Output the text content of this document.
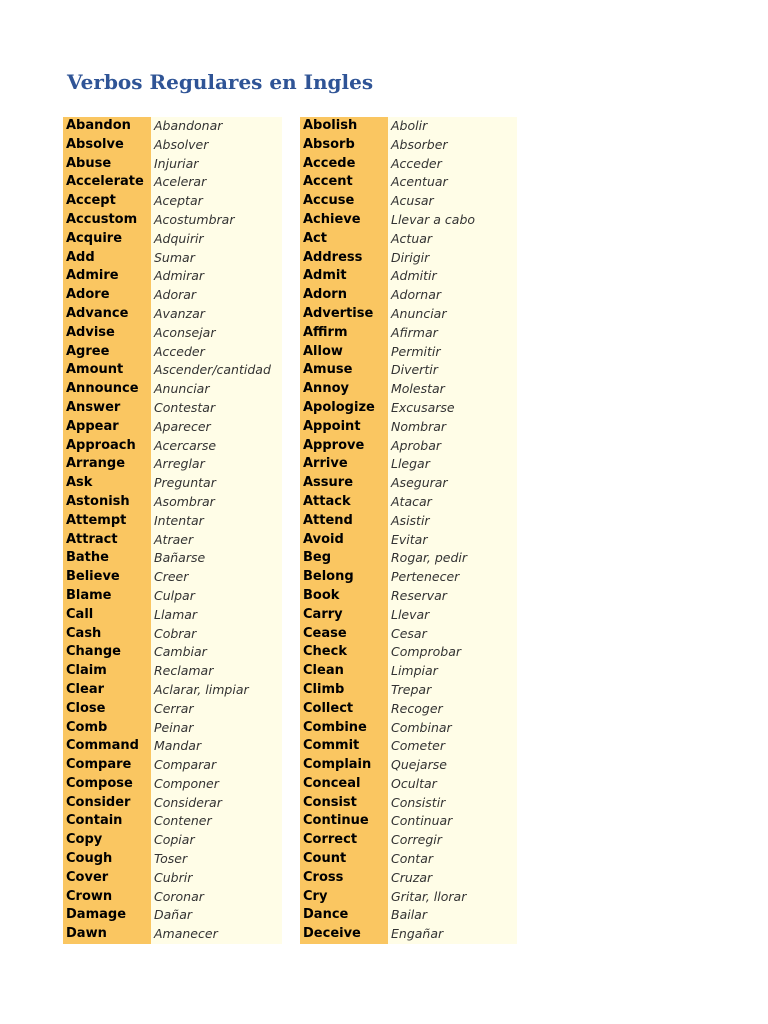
Verbos Regulares en Ingles
Abandon	Abandonar
Absolve	Absolver
Abuse	Injuriar
Accelerate Acelerar
Accept	Aceptar
Accustom	Acostumbrar
Acquire	Adquirir
Add	Sumar
Admire	Admirar
Adore	Adorar
Advance	Avanzar
Advise	Aconsejar
Agree	Acceder
Amount	Ascender/cantidad
Announce	Anunciar
Answer	Contestar
Appear	Aparecer
Approach	Acercarse
Arrange	Arreglar
Ask	Preguntar
Astonish	Asombrar
Attempt	Intentar
Attract	Atraer
Bathe	Bañarse
Believe	Creer
Blame	Culpar
Call	Llamar
Cash	Cobrar
Change	Cambiar
Claim	Reclamar
Clear	Aclarar, limpiar
Close	Cerrar
Comb	Peinar
Command	Mandar
Compare	Comparar
Compose	Componer
Consider	Considerar
Contain	Contener
Copy	Copiar
Cough	Toser
Cover	Cubrir
Crown	Coronar
Damage	Dañar
Dawn	Amanecer
Abolish	Abolir
Absorb	Absorber
Accede	Acceder
Accent	Acentuar
Accuse	Acusar
Achieve	Llevar a cabo
Act	Actuar
Address	Dirigir
Admit	Admitir
Adorn	Adornar
Advertise	Anunciar
Affirm	Afirmar
Allow	Permitir
Amuse	Divertir
Annoy	Molestar
Apologize	Excusarse
Appoint	Nombrar
Approve	Aprobar
Arrive	Llegar
Assure	Asegurar
Attack	Atacar
Attend	Asistir
Avoid	Evitar
Beg	Rogar, pedir
Belong	Pertenecer
Book	Reservar
Carry	Llevar
Cease	Cesar
Check	Comprobar
Clean	Limpiar
Climb	Trepar
Collect	Recoger
Combine	Combinar
Commit	Cometer
Complain	Quejarse
Conceal	Ocultar
Consist	Consistir
Continue	Continuar
Correct	Corregir
Count	Contar
Cross	Cruzar
Cry	Gritar, llorar
Dance	Bailar
Deceive	Engañar
